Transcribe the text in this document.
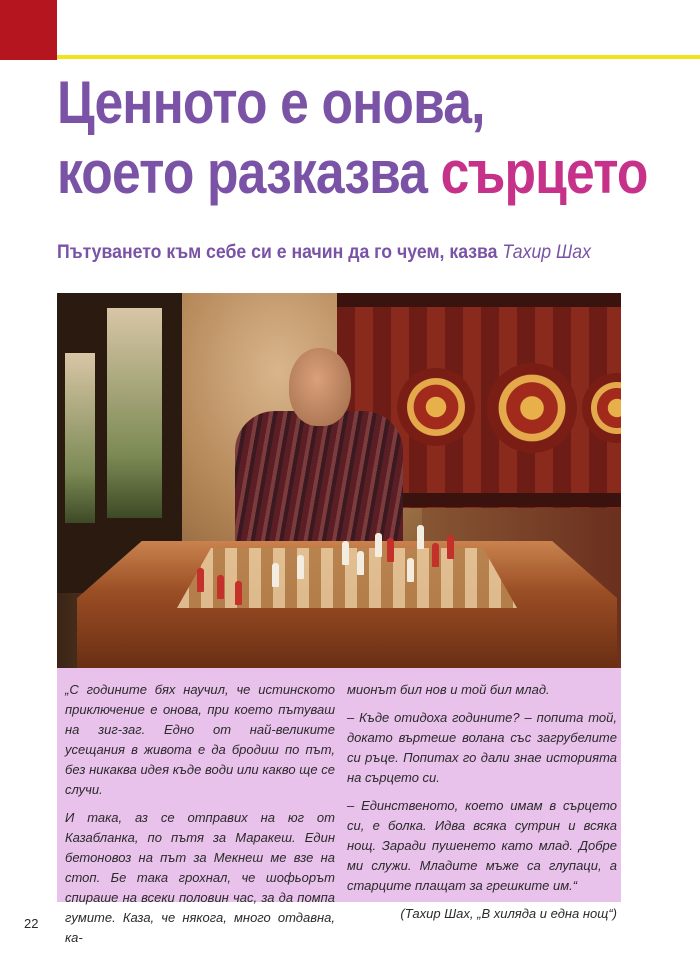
Ценното е онова,
което разказва сърцето

Пътуването към себе си е начин да го чуем, казва Тахир Шах

„С годините бях научил, че истинското приключение е онова, при което пътуваш на зиг-заг. Едно от най-великите усещания в живота е да бродиш по път, без никаква идея къде води или какво ще се случи.

И така, аз се отправих на юг от Казабланка, по пътя за Маракеш. Един бетоновоз на път за Мекнеш ме взе на стоп. Бе така грохнал, че шофьорът спираше на всеки половин час, за да помпа гумите. Каза, че някога, много отдавна, ка-

мионът бил нов и той бил млад.

– Къде отидоха годините? – попита той, докато въртеше волана със загрубелите си ръце. Попитах го дали знае историята на сърцето си.

– Единственото, което имам в сърцето си, е болка. Идва всяка сутрин и всяка нощ. Заради пушенето като млад. Добре ми служи. Младите мъже са глупаци, а старците плащат за грешките им.“

(Тахир Шах, „В хиляда и една нощ“)

22
